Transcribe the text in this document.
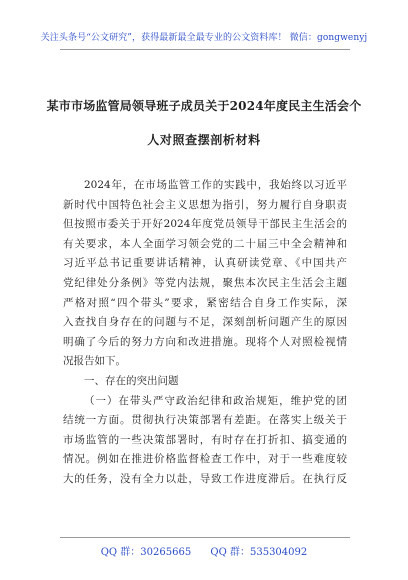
关注头条号“公文研究”，获得最新最全最专业的公文资料库！ 微信：gongwenyj
某市市场监管局领导班子成员关于2024年度民主生活会个
人对照查摆剖析材料
2024年，在市场监管工作的实践中，我始终以习近平
新时代中国特色社会主义思想为指引，努力履行自身职责
但按照市委关于开好2024年度党员领导干部民主生活会的
有关要求，本人全面学习领会党的二十届三中全会精神和
习近平总书记重要讲话精神，认真研读党章、《中国共产
党纪律处分条例》等党内法规，聚焦本次民主生活会主题
严格对照“四个带头”要求，紧密结合自身工作实际，深
入查找自身存在的问题与不足，深刻剖析问题产生的原因
明确了今后的努力方向和改进措施。现将个人对照检视情
况报告如下。
一、存在的突出问题
（一）在带头严守政治纪律和政治规矩，维护党的团
结统一方面。贯彻执行决策部署有差距。在落实上级关于
市场监管的一些决策部署时，有时存在打折扣、搞变通的
情况。例如在推进价格监督检查工作中，对于一些难度较
大的任务，没有全力以赴，导致工作进度滞后。在执行反
QQ 群：30265665 QQ 群：535304092
